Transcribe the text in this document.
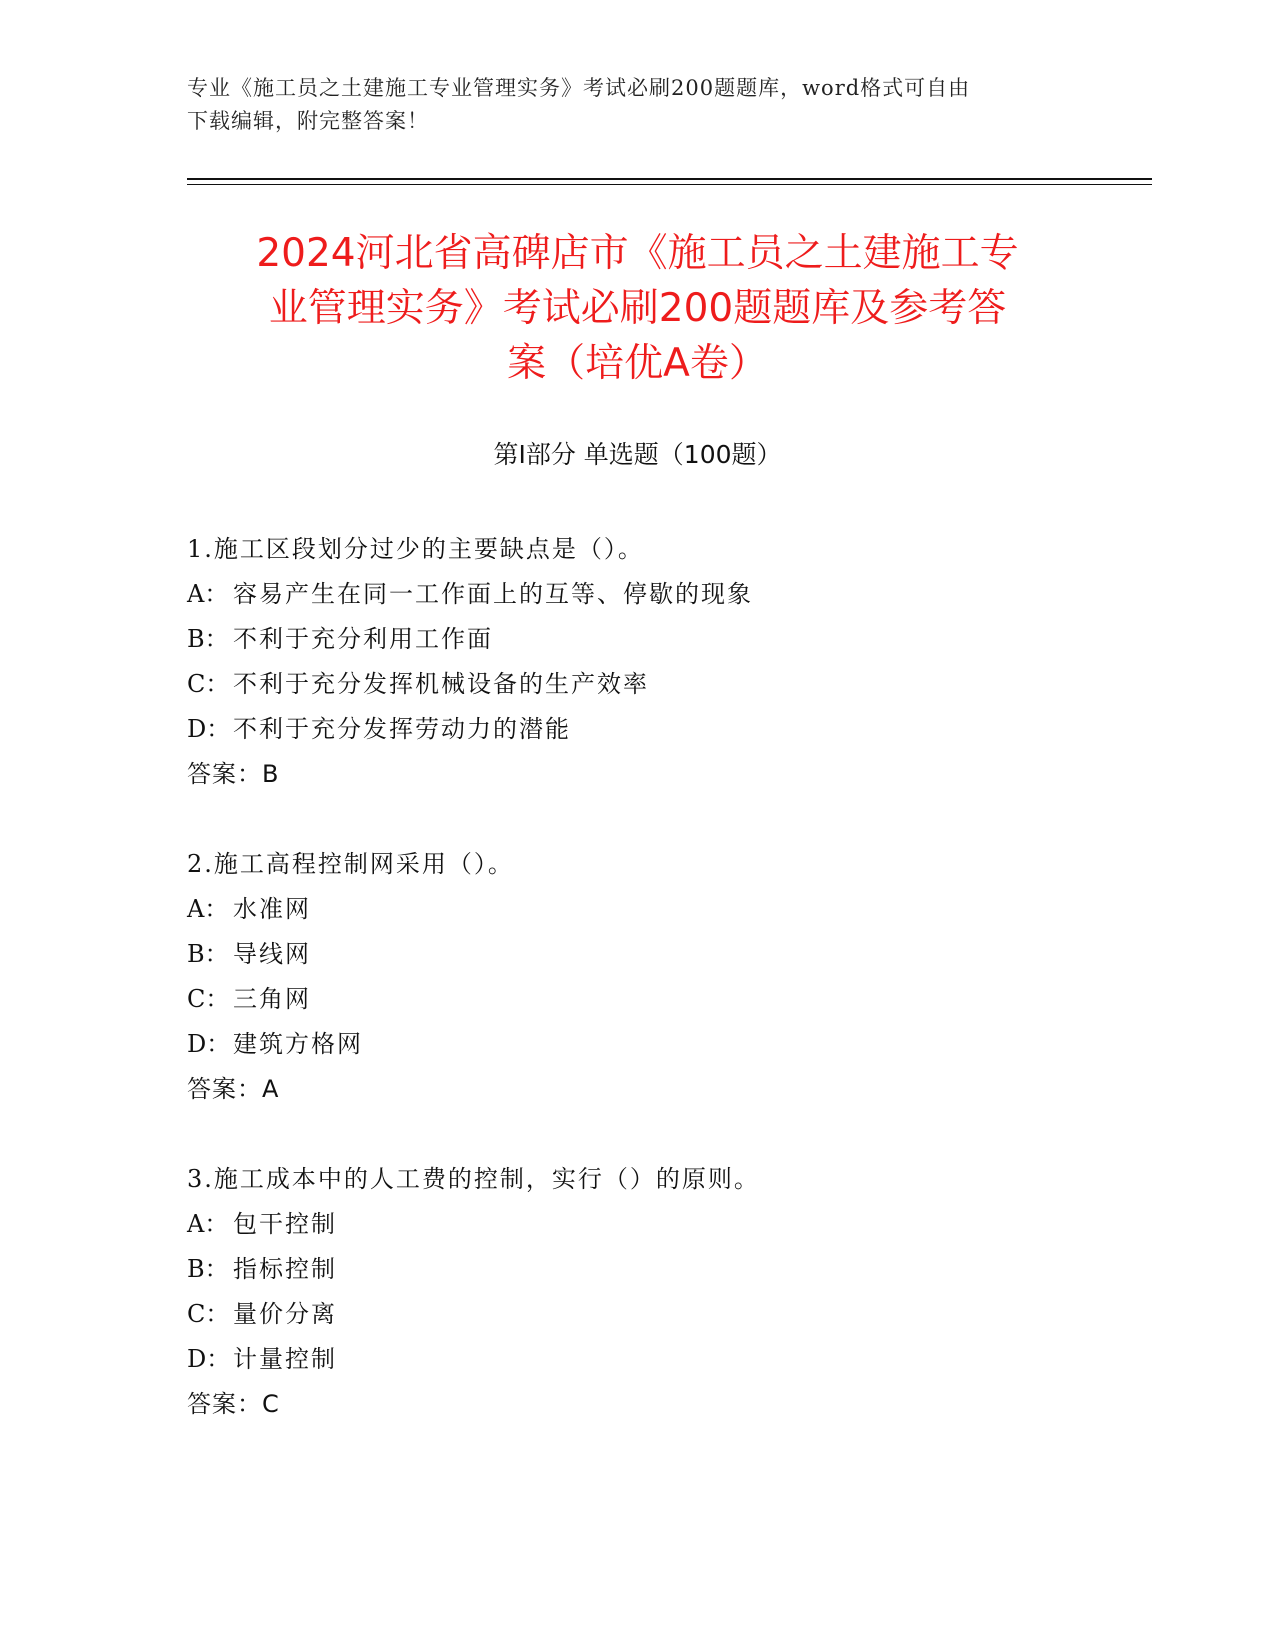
专业《施工员之土建施工专业管理实务》考试必刷200题题库，word格式可自由
下载编辑，附完整答案！
2024河北省高碑店市《施工员之土建施工专
业管理实务》考试必刷200题题库及参考答
案（培优A卷）
第Ⅰ部分 单选题（100题）
1.施工区段划分过少的主要缺点是（）。
A： 容易产生在同一工作面上的互等、停歇的现象
B： 不利于充分利用工作面
C： 不利于充分发挥机械设备的生产效率
D： 不利于充分发挥劳动力的潜能
答案：B
2.施工高程控制网采用（）。
A： 水准网
B： 导线网
C： 三角网
D： 建筑方格网
答案：A
3.施工成本中的人工费的控制，实行（）的原则。
A： 包干控制
B： 指标控制
C： 量价分离
D： 计量控制
答案：C
